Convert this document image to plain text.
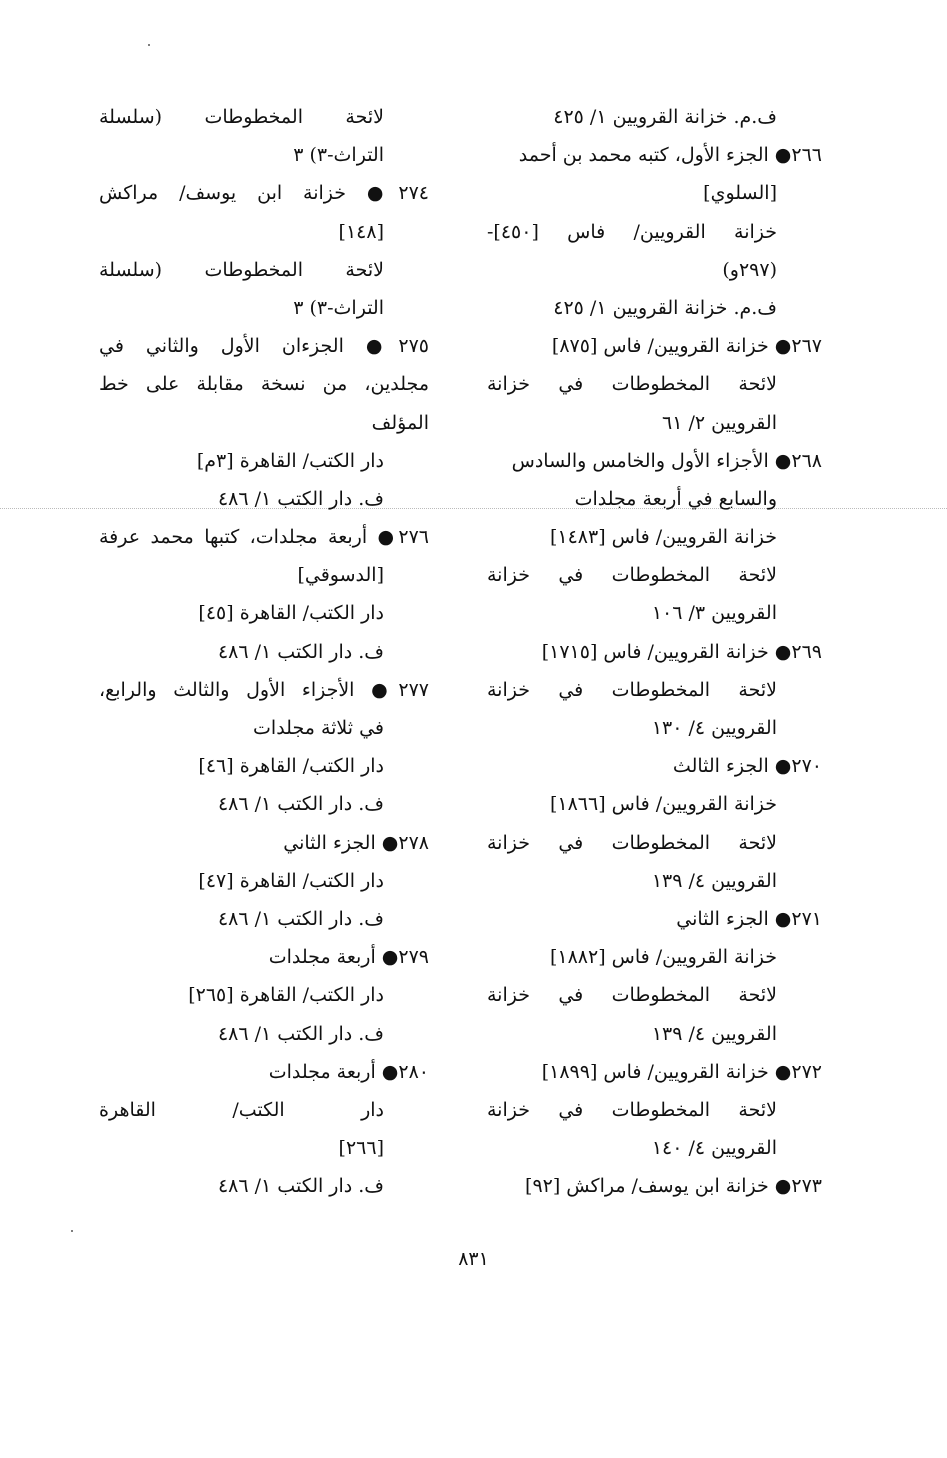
ف.م. خزانة القرويين ١/ ٤٢٥
٢٦٦● الجزء الأول، كتبه محمد بن أحمد
[السلوي]
خزانة القرويين/ فاس [٤٥٠]-
(٢٩٧و)
ف.م. خزانة القرويين ١/ ٤٢٥
٢٦٧● خزانة القرويين/ فاس [٨٧٥]
لائحة المخطوطات في خزانة
القرويين ٢/ ٦١
٢٦٨● الأجزاء الأول والخامس والسادس
والسابع في أربعة مجلدات
خزانة القرويين/ فاس [١٤٨٣]
لائحة المخطوطات في خزانة
القرويين ٣/ ١٠٦
٢٦٩● خزانة القرويين/ فاس [١٧١٥]
لائحة المخطوطات في خزانة
القرويين ٤/ ١٣٠
٢٧٠● الجزء الثالث
خزانة القرويين/ فاس [١٨٦٦]
لائحة المخطوطات في خزانة
القرويين ٤/ ١٣٩
٢٧١● الجزء الثاني
خزانة القرويين/ فاس [١٨٨٢]
لائحة المخطوطات في خزانة
القرويين ٤/ ١٣٩
٢٧٢● خزانة القرويين/ فاس [١٨٩٩]
لائحة المخطوطات في خزانة
القرويين ٤/ ١٤٠
٢٧٣● خزانة ابن يوسف/ مراكش [٩٢]
لائحة المخطوطات (سلسلة
التراث-٣) ٣
٢٧٤● خزانة ابن يوسف/ مراكش
[١٤٨]
لائحة المخطوطات (سلسلة
التراث-٣) ٣
٢٧٥● الجزءان الأول والثاني في
مجلدين، من نسخة مقابلة على خط
المؤلف
دار الكتب/ القاهرة [٣م]
ف. دار الكتب ١/ ٤٨٦
٢٧٦● أربعة مجلدات، كتبها محمد عرفة
[الدسوقي]
دار الكتب/ القاهرة [٤٥]
ف. دار الكتب ١/ ٤٨٦
٢٧٧● الأجزاء الأول والثالث والرابع،
في ثلاثة مجلدات
دار الكتب/ القاهرة [٤٦]
ف. دار الكتب ١/ ٤٨٦
٢٧٨● الجزء الثاني
دار الكتب/ القاهرة [٤٧]
ف. دار الكتب ١/ ٤٨٦
٢٧٩● أربعة مجلدات
دار الكتب/ القاهرة [٢٦٥]
ف. دار الكتب ١/ ٤٨٦
٢٨٠● أربعة مجلدات
دار الكتب/ القاهرة
[٢٦٦]
ف. دار الكتب ١/ ٤٨٦
٨٣١
